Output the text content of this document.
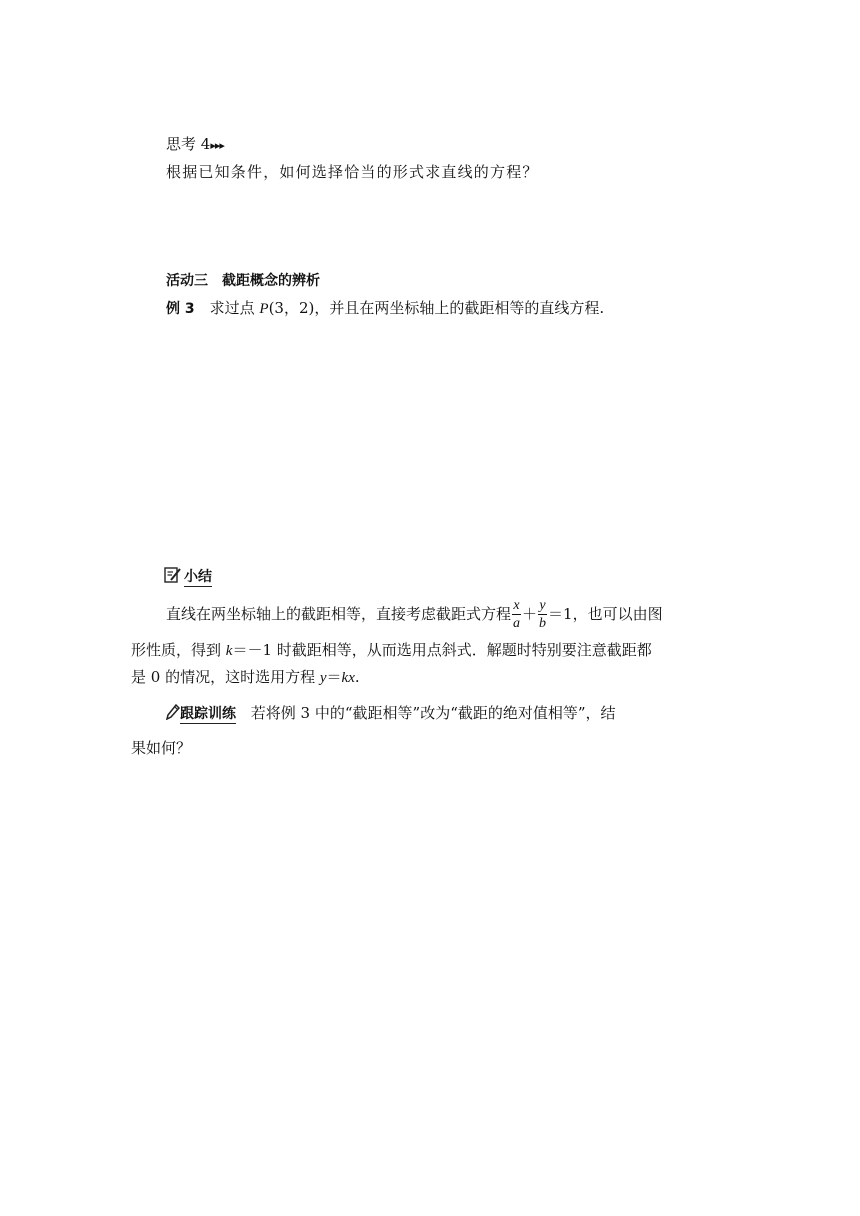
思考 4▸▸▸
根据已知条件，如何选择恰当的形式求直线的方程？
活动三　截距概念的辨析
例 3　求过点 P(3，2)，并且在两坐标轴上的截距相等的直线方程.
小结
直线在两坐标轴上的截距相等，直接考虑截距式方程 $\frac{x}{a} + \frac{y}{b} =1$，也可以由图
形性质，得到 k＝－1 时截距相等，从而选用点斜式．解题时特别要注意截距都
是 0 的情况，这时选用方程 y＝kx.
跟踪训练 若将例 3 中的“截距相等”改为“截距的绝对值相等”，结
果如何？
